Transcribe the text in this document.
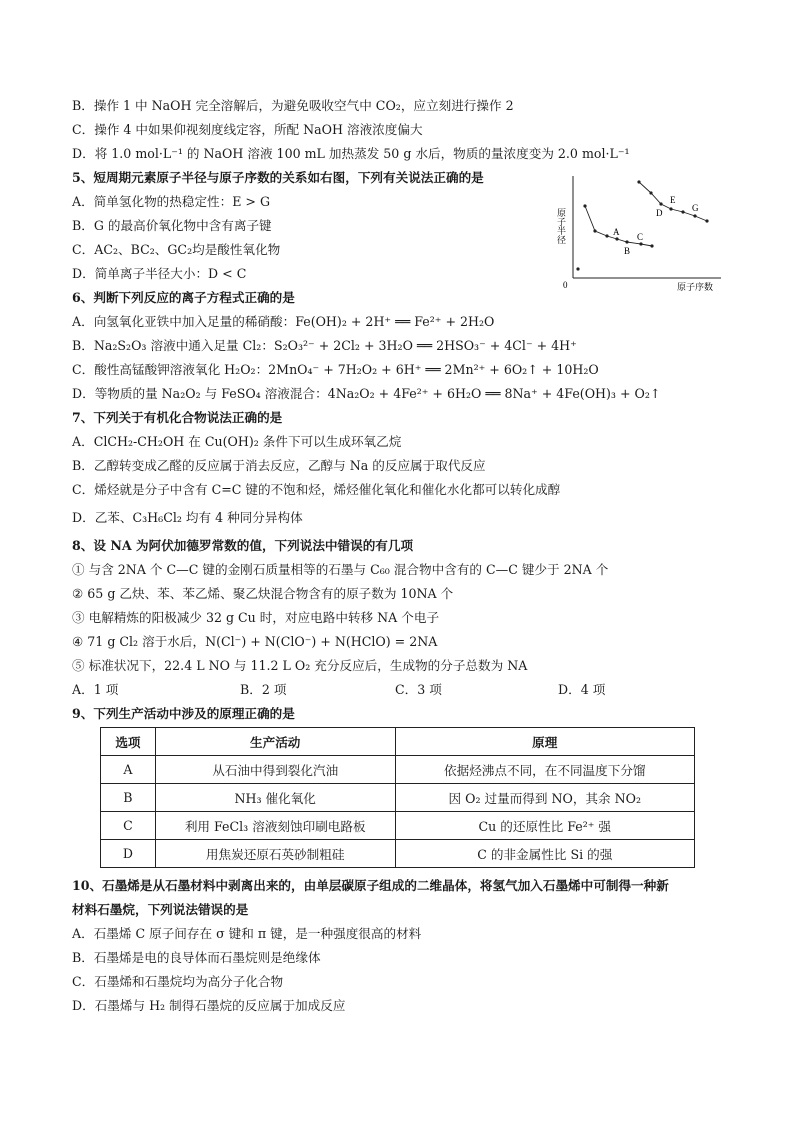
B．操作 1 中 NaOH 完全溶解后，为避免吸收空气中 CO₂，应立刻进行操作 2
C．操作 4 中如果仰视刻度线定容，所配 NaOH 溶液浓度偏大
D．将 1.0 mol·L⁻¹ 的 NaOH 溶液 100 mL 加热蒸发 50 g 水后，物质的量浓度变为 2.0 mol·L⁻¹
5、短周期元素原子半径与原子序数的关系如右图，下列有关说法正确的是
A．简单氢化物的热稳定性：E > G
B．G 的最高价氧化物中含有离子键
C．AC₂、BC₂、GC₂均是酸性氧化物
D．简单离子半径大小：D < C
原子半径
原子序数
0
A
B
C
D
E
G
6、判断下列反应的离子方程式正确的是
A．向氢氧化亚铁中加入足量的稀硝酸：Fe(OH)₂ + 2H⁺ ══ Fe²⁺ + 2H₂O
B．Na₂S₂O₃ 溶液中通入足量 Cl₂：S₂O₃²⁻ + 2Cl₂ + 3H₂O ══ 2HSO₃⁻ + 4Cl⁻ + 4H⁺
C．酸性高锰酸钾溶液氧化 H₂O₂：2MnO₄⁻ + 7H₂O₂ + 6H⁺ ══ 2Mn²⁺ + 6O₂↑ + 10H₂O
D．等物质的量 Na₂O₂ 与 FeSO₄ 溶液混合：4Na₂O₂ + 4Fe²⁺ + 6H₂O ══ 8Na⁺ + 4Fe(OH)₃ + O₂↑
7、下列关于有机化合物说法正确的是
A．ClCH₂-CH₂OH 在 Cu(OH)₂ 条件下可以生成环氧乙烷
B．乙醇转变成乙醛的反应属于消去反应，乙醇与 Na 的反应属于取代反应
C．烯烃就是分子中含有 C=C 键的不饱和烃，烯烃催化氧化和催化水化都可以转化成醇
D．乙苯、C₃H₆Cl₂ 均有 4 种同分异构体
8、设 NA 为阿伏加德罗常数的值，下列说法中错误的有几项
① 与含 2NA 个 C—C 键的金刚石质量相等的石墨与 C₆₀ 混合物中含有的 C—C 键少于 2NA 个
② 65 g 乙炔、苯、苯乙烯、聚乙炔混合物含有的原子数为 10NA 个
③ 电解精炼的阳极减少 32 g Cu 时，对应电路中转移 NA 个电子
④ 71 g Cl₂ 溶于水后，N(Cl⁻) + N(ClO⁻) + N(HClO) = 2NA
⑤ 标准状况下，22.4 L NO 与 11.2 L O₂ 充分反应后，生成物的分子总数为 NA
A．1 项	B．2 项	C．3 项	D．4 项
9、下列生产活动中涉及的原理正确的是
选项	生产活动	原理
A	从石油中得到裂化汽油	依据烃沸点不同，在不同温度下分馏
B	NH₃ 催化氧化	因 O₂ 过量而得到 NO，其余 NO₂
C	利用 FeCl₃ 溶液刻蚀印刷电路板	Cu 的还原性比 Fe²⁺ 强
D	用焦炭还原石英砂制粗硅	C 的非金属性比 Si 的强
10、石墨烯是从石墨材料中剥离出来的，由单层碳原子组成的二维晶体，将氢气加入石墨烯中可制得一种新
材料石墨烷，下列说法错误的是
A．石墨烯 C 原子间存在 σ 键和 π 键，是一种强度很高的材料
B．石墨烯是电的良导体而石墨烷则是绝缘体
C．石墨烯和石墨烷均为高分子化合物
D．石墨烯与 H₂ 制得石墨烷的反应属于加成反应
